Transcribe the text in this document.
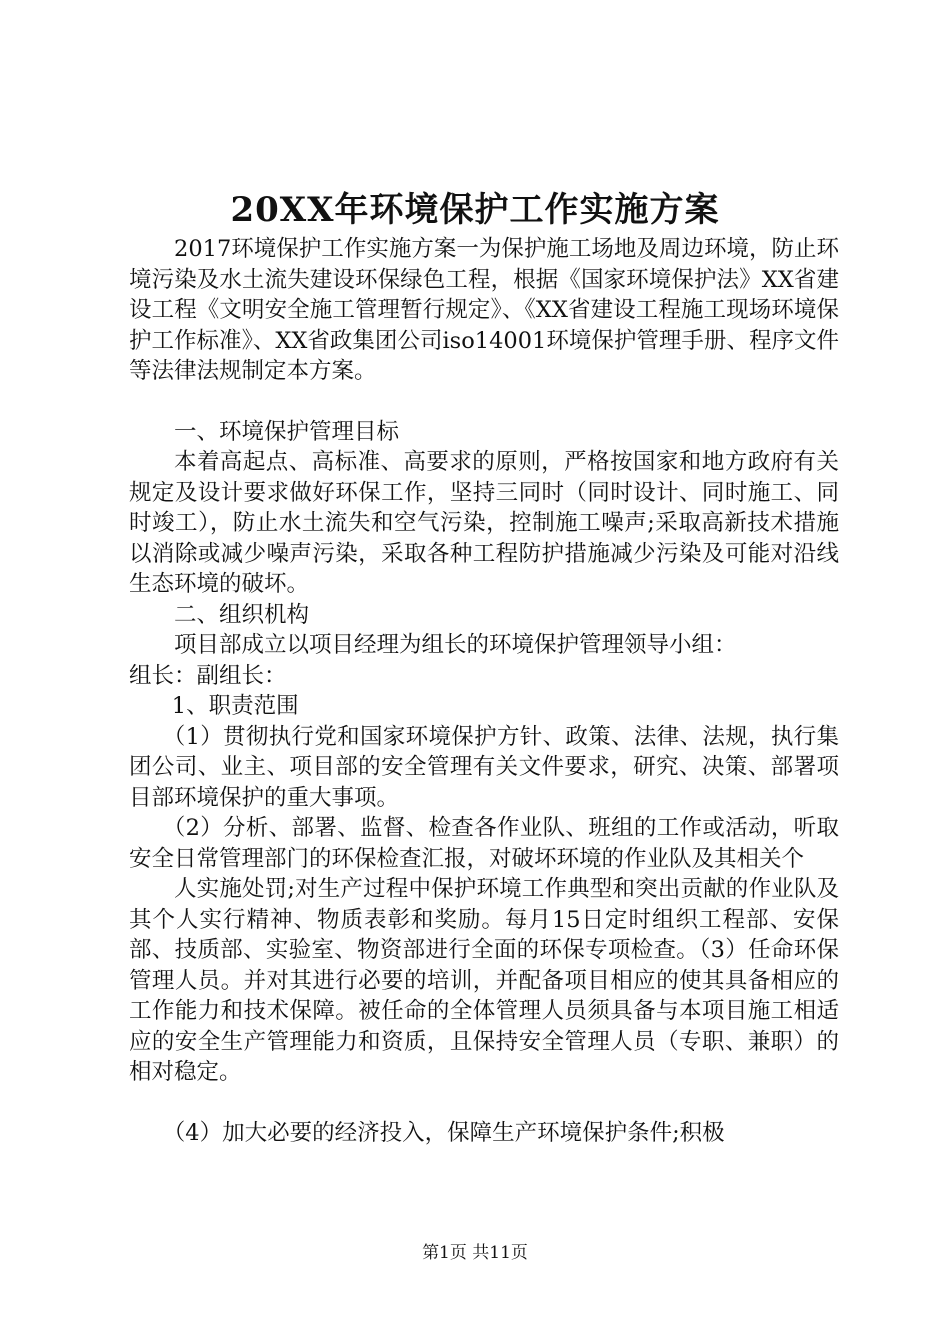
20XX年环境保护工作实施方案

2017环境保护工作实施方案一为保护施工场地及周边环境，防止环境污染及水土流失建设环保绿色工程，根据《国家环境保护法》XX省建设工程《文明安全施工管理暂行规定》、《XX省建设工程施工现场环境保护工作标准》、XX省政集团公司iso14001环境保护管理手册、程序文件等法律法规制定本方案。

一、环境保护管理目标

本着高起点、高标准、高要求的原则，严格按国家和地方政府有关规定及设计要求做好环保工作，坚持三同时（同时设计、同时施工、同时竣工），防止水土流失和空气污染，控制施工噪声;采取高新技术措施以消除或减少噪声污染，采取各种工程防护措施减少污染及可能对沿线生态环境的破坏。

二、组织机构

项目部成立以项目经理为组长的环境保护管理领导小组：

组长：副组长：

1、职责范围

（1）贯彻执行党和国家环境保护方针、政策、法律、法规，执行集团公司、业主、项目部的安全管理有关文件要求，研究、决策、部署项目部环境保护的重大事项。

（2）分析、部署、监督、检查各作业队、班组的工作或活动，听取安全日常管理部门的环保检查汇报，对破坏环境的作业队及其相关个

人实施处罚;对生产过程中保护环境工作典型和突出贡献的作业队及其个人实行精神、物质表彰和奖励。每月15日定时组织工程部、安保部、技质部、实验室、物资部进行全面的环保专项检查。（3）任命环保管理人员。并对其进行必要的培训，并配备项目相应的使其具备相应的工作能力和技术保障。被任命的全体管理人员须具备与本项目施工相适应的安全生产管理能力和资质，且保持安全管理人员（专职、兼职）的相对稳定。

（4）加大必要的经济投入，保障生产环境保护条件;积极

第1页 共11页
